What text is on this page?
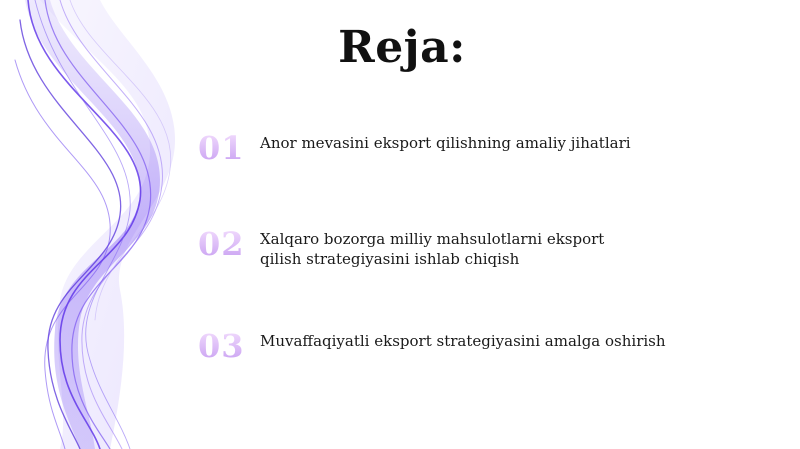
Reja:
01	Anor mevasini eksport qilishning amaliy jihatlari
02	Xalqaro bozorga milliy mahsulotlarni eksport qilish strategiyasini ishlab chiqish
03	Muvaffaqiyatli eksport strategiyasini amalga oshirish
